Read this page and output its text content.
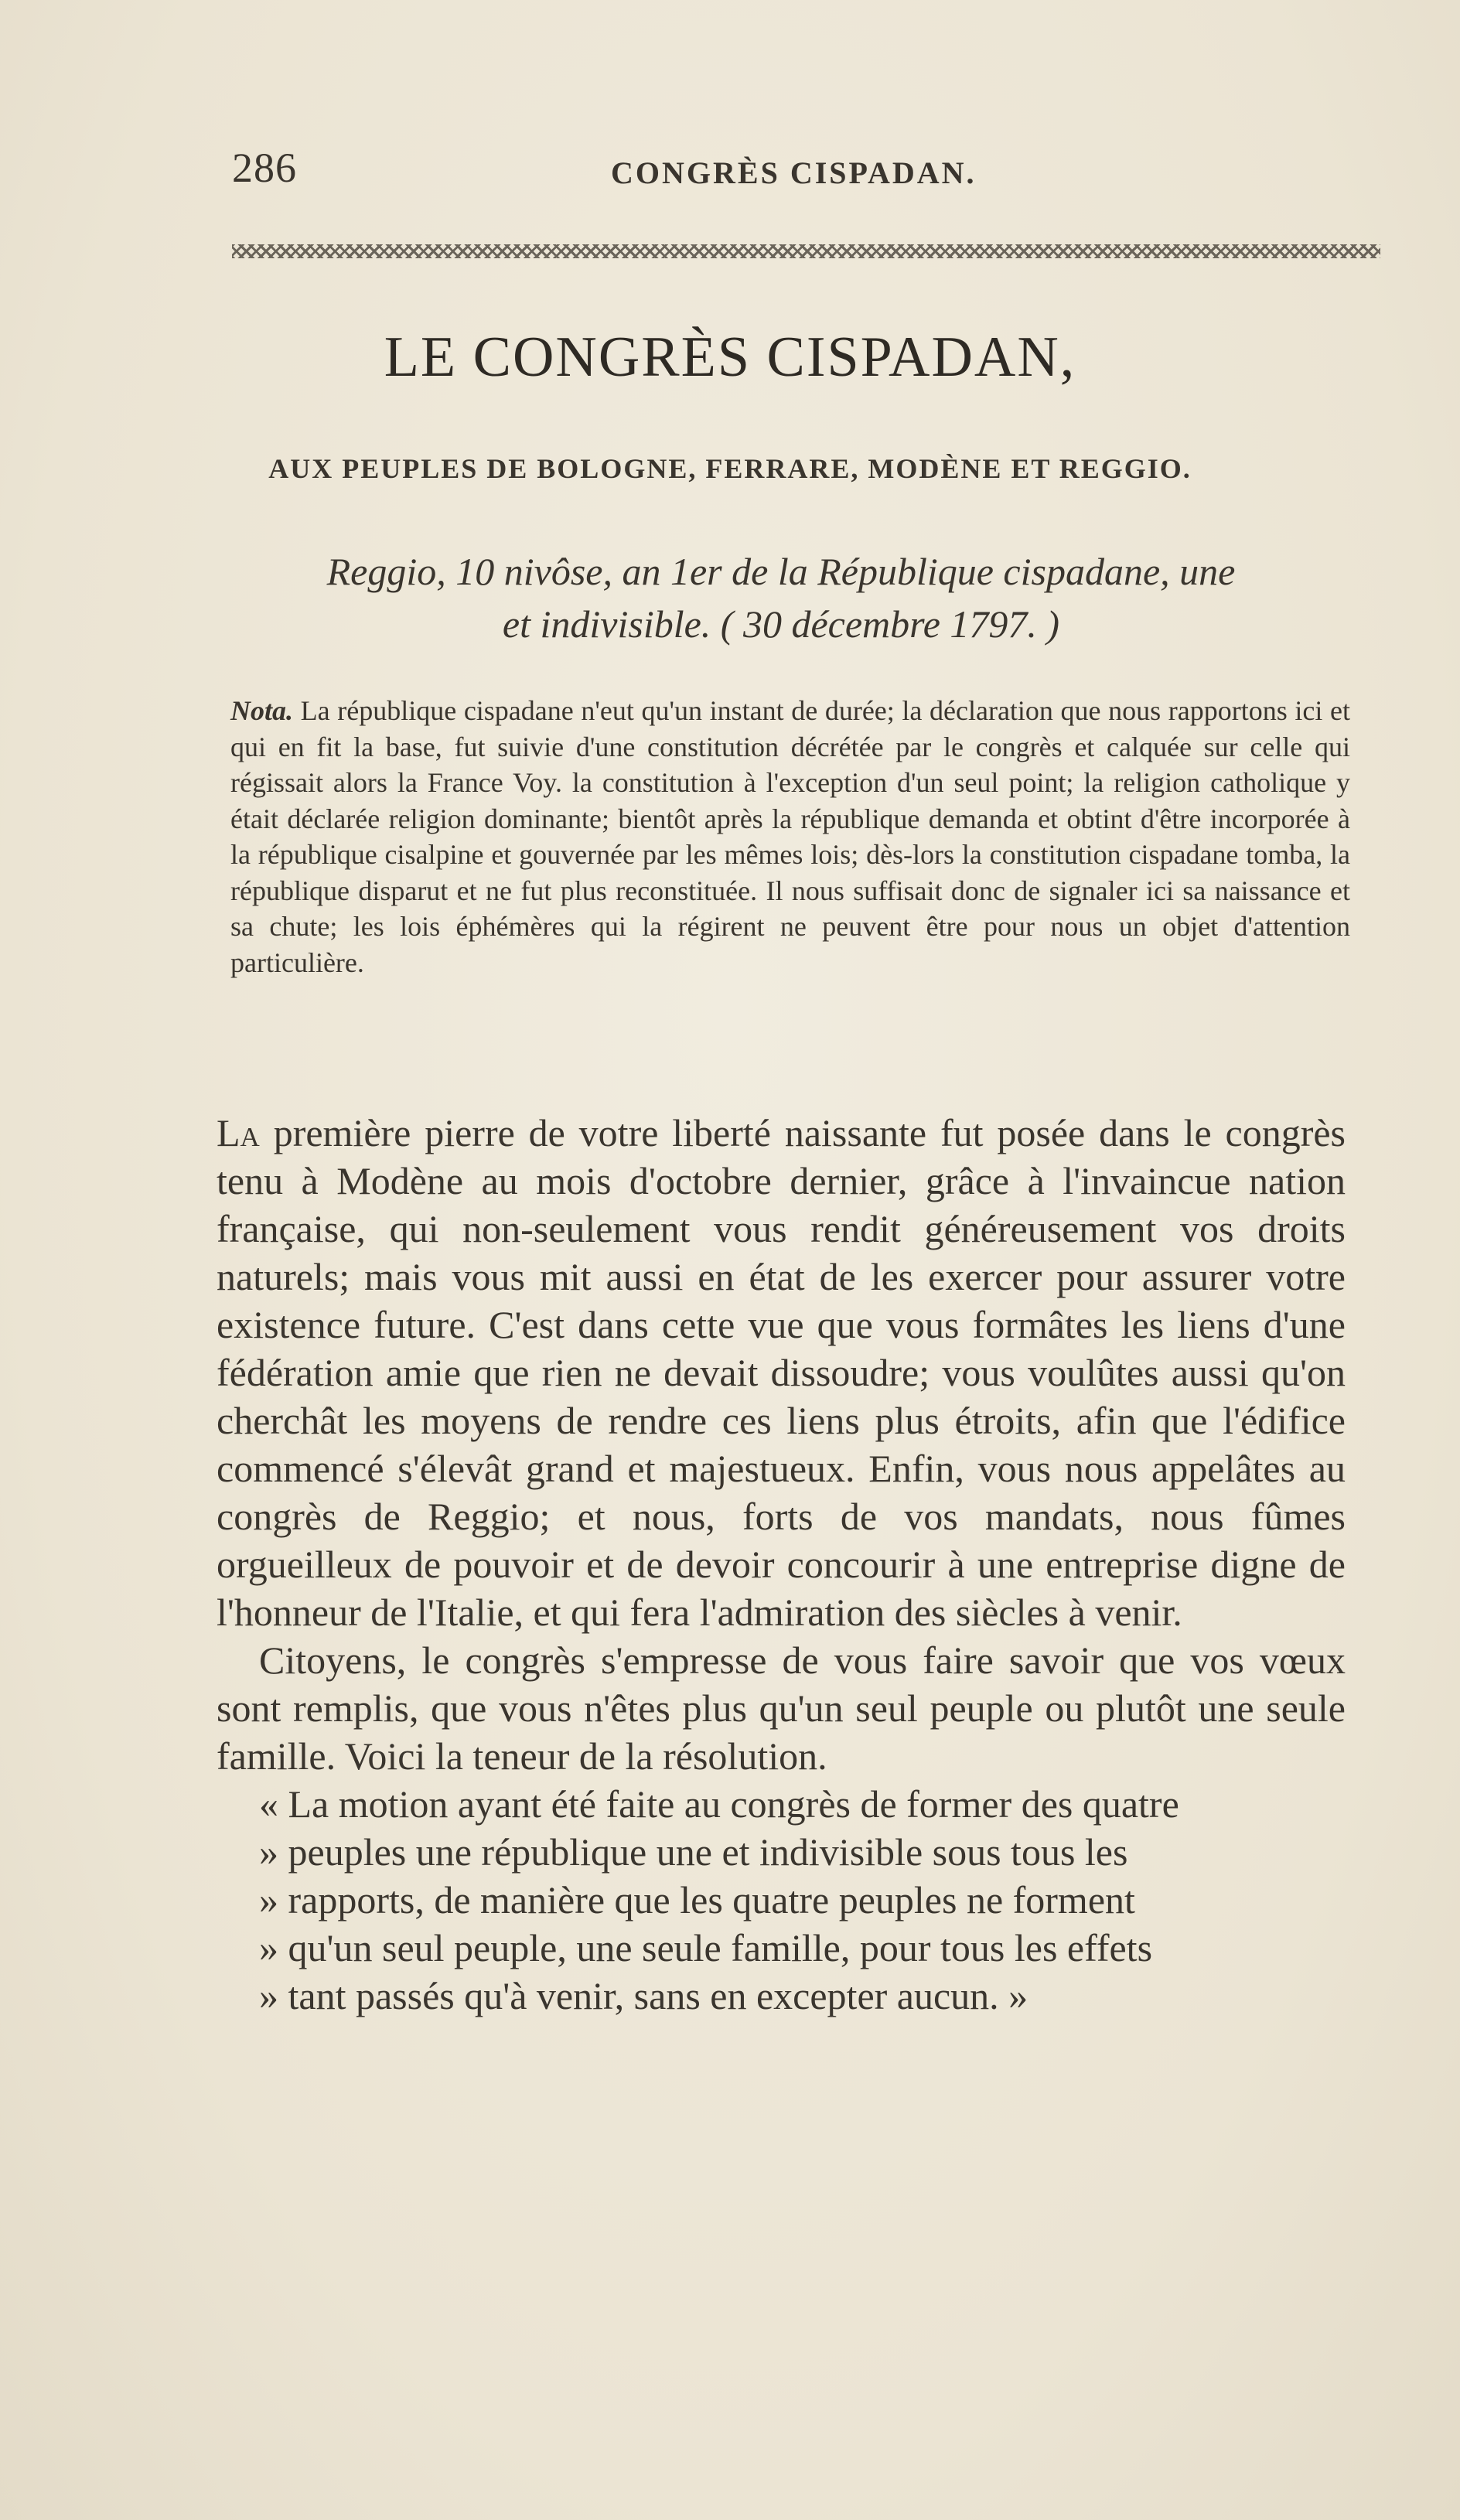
286	CONGRÈS CISPADAN.
LE CONGRÈS CISPADAN,
AUX PEUPLES DE BOLOGNE, FERRARE, MODÈNE ET REGGIO.
Reggio, 10 nivôse, an 1er de la République cispadane, une
et indivisible. ( 30 décembre 1797. )
Nota. La république cispadane n'eut qu'un instant de durée; la déclaration que nous rapportons ici et qui en fit la base, fut suivie d'une constitution décrétée par le congrès et calquée sur celle qui régissait alors la France Voy. la constitution à l'exception d'un seul point; la religion catholique y était déclarée religion dominante; bientôt après la république demanda et obtint d'être incorporée à la république cisalpine et gouvernée par les mêmes lois; dès-lors la constitution cispadane tomba, la république disparut et ne fut plus reconstituée. Il nous suffisait donc de signaler ici sa naissance et sa chute; les lois éphémères qui la régirent ne peuvent être pour nous un objet d'attention particulière.

La première pierre de votre liberté naissante fut posée dans le congrès tenu à Modène au mois d'octobre dernier, grâce à l'invaincue nation française, qui non-seulement vous rendit généreusement vos droits naturels; mais vous mit aussi en état de les exercer pour assurer votre existence future. C'est dans cette vue que vous formâtes les liens d'une fédération amie que rien ne devait dissoudre; vous voulûtes aussi qu'on cherchât les moyens de rendre ces liens plus étroits, afin que l'édifice commencé s'élevât grand et majestueux. Enfin, vous nous appelâtes au congrès de Reggio; et nous, forts de vos mandats, nous fûmes orgueilleux de pouvoir et de devoir concourir à une entreprise digne de l'honneur de l'Italie, et qui fera l'admiration des siècles à venir.

Citoyens, le congrès s'empresse de vous faire savoir que vos vœux sont remplis, que vous n'êtes plus qu'un seul peuple ou plutôt une seule famille. Voici la teneur de la résolution.

« La motion ayant été faite au congrès de former des quatre
» peuples une république une et indivisible sous tous les
» rapports, de manière que les quatre peuples ne forment
» qu'un seul peuple, une seule famille, pour tous les effets
» tant passés qu'à venir, sans en excepter aucun. »
